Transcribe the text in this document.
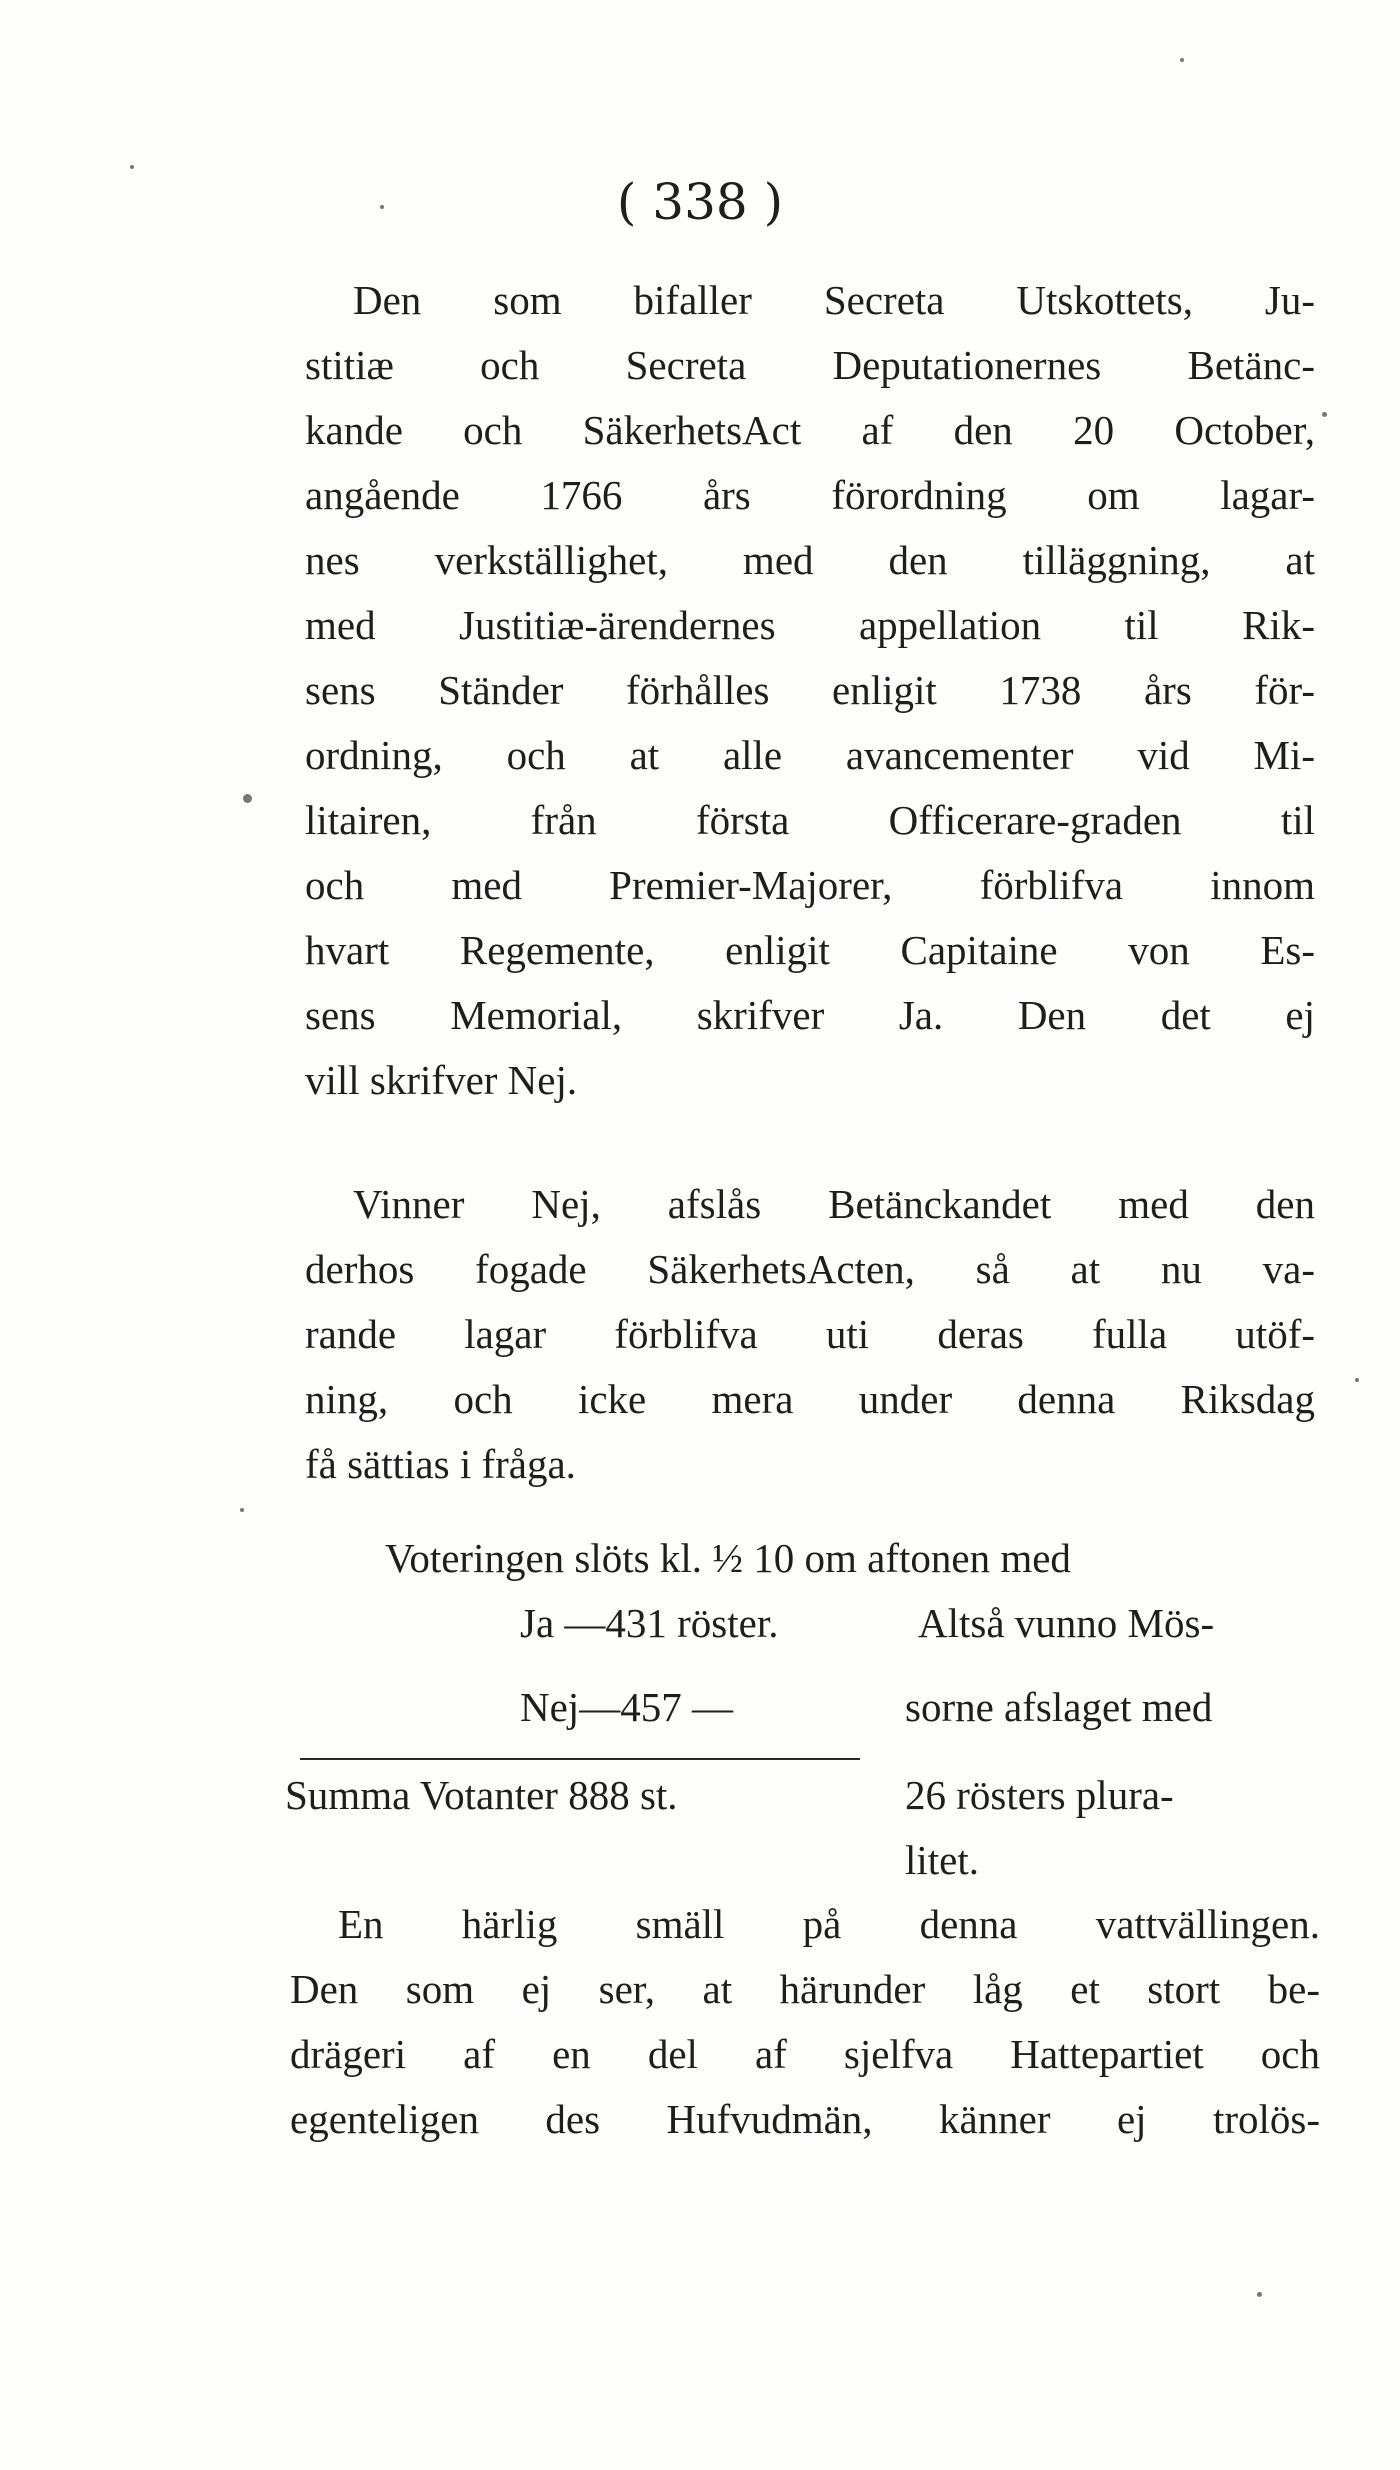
( 338 )
Den som bifaller Secreta Utskottets, Ju-
stitiæ och Secreta Deputationernes Betänc-
kande och SäkerhetsAct af den 20 October,
angående 1766 års förordning om lagar-
nes verkställighet, med den tilläggning, at
med Justitiæ-ärendernes appellation til Rik-
sens Ständer förhålles enligit 1738 års för-
ordning, och at alle avancementer vid Mi-
litairen, från första Officerare-graden til
och med Premier-Majorer, förblifva innom
hvart Regemente, enligit Capitaine von Es-
sens Memorial, skrifver Ja. Den det ej
vill skrifver Nej.
Vinner Nej, afslås Betänckandet med den
derhos fogade SäkerhetsActen, så at nu va-
rande lagar förblifva uti deras fulla utöf-
ning, och icke mera under denna Riksdag
få sättias i fråga.
Voteringen slöts kl. ½ 10 om aftonen med
Ja —431 röster.	Altså vunno Mös-
Nej—457 —	sorne afslaget med
Summa Votanter 888 st.	26 rösters plura-
litet.
En härlig smäll på denna vattvällingen.
Den som ej ser, at härunder låg et stort be-
drägeri af en del af sjelfva Hattepartiet och
egenteligen des Hufvudmän, känner ej trolös-
